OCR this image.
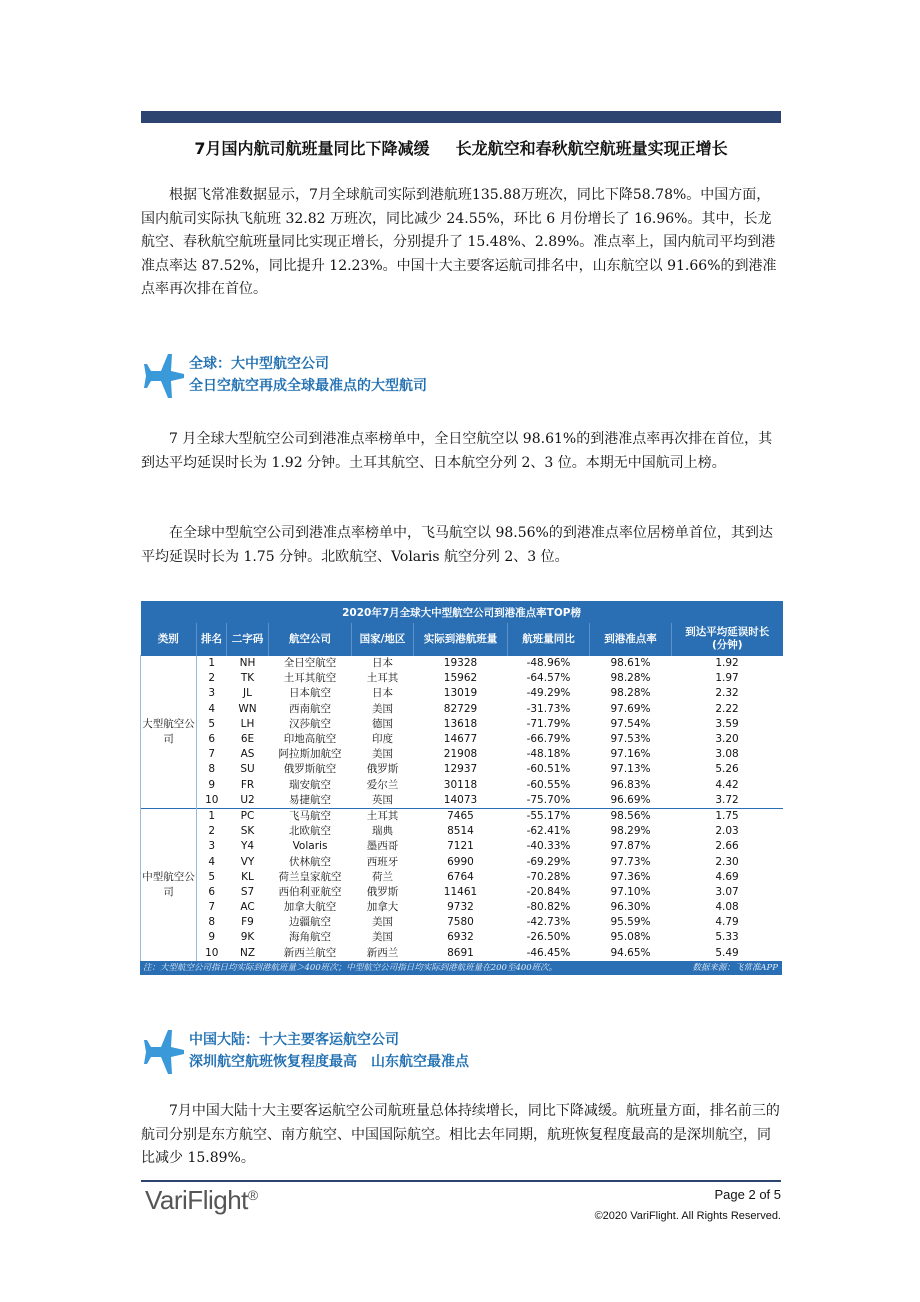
7月国内航司航班量同比下降减缓 长龙航空和春秋航空航班量实现正增长

根据飞常准数据显示，7月全球航司实际到港航班135.88万班次，同比下降58.78%。中国方面，国内航司实际执飞航班 32.82 万班次，同比减少 24.55%，环比 6 月份增长了 16.96%。其中，长龙航空、春秋航空航班量同比实现正增长，分别提升了 15.48%、2.89%。准点率上，国内航司平均到港准点率达 87.52%，同比提升 12.23%。中国十大主要客运航司排名中，山东航空以 91.66%的到港准点率再次排在首位。

全球：大中型航空公司
全日空航空再成全球最准点的大型航司

7 月全球大型航空公司到港准点率榜单中，全日空航空以 98.61%的到港准点率再次排在首位，其到达平均延误时长为 1.92 分钟。土耳其航空、日本航空分列 2、3 位。本期无中国航司上榜。

在全球中型航空公司到港准点率榜单中，飞马航空以 98.56%的到港准点率位居榜单首位，其到达平均延误时长为 1.75 分钟。北欧航空、Volaris 航空分列 2、3 位。

2020年7月全球大中型航空公司到港准点率TOP榜								
类别	排名	二字码	航空公司	国家/地区	实际到港航班量	航班量同比	到港准点率	到达平均延误时长
(分钟)

大型航空公司	1	NH	全日空航空	日本	19328	-48.96%	98.61%	1.92
	2	TK	土耳其航空	土耳其	15962	-64.57%	98.28%	1.97
	3	JL	日本航空	日本	13019	-49.29%	98.28%	2.32
	4	WN	西南航空	美国	82729	-31.73%	97.69%	2.22
	5	LH	汉莎航空	德国	13618	-71.79%	97.54%	3.59
	6	6E	印地高航空	印度	14677	-66.79%	97.53%	3.20
	7	AS	阿拉斯加航空	美国	21908	-48.18%	97.16%	3.08
	8	SU	俄罗斯航空	俄罗斯	12937	-60.51%	97.13%	5.26
	9	FR	瑞安航空	爱尔兰	30118	-60.55%	96.83%	4.42
	10	U2	易捷航空	英国	14073	-75.70%	96.69%	3.72
中型航空公司	1	PC	飞马航空	土耳其	7465	-55.17%	98.56%	1.75
	2	SK	北欧航空	瑞典	8514	-62.41%	98.29%	2.03
	3	Y4	Volaris	墨西哥	7121	-40.33%	97.87%	2.66
	4	VY	伏林航空	西班牙	6990	-69.29%	97.73%	2.30
	5	KL	荷兰皇家航空	荷兰	6764	-70.28%	97.36%	4.69
	6	S7	西伯利亚航空	俄罗斯	11461	-20.84%	97.10%	3.07
	7	AC	加拿大航空	加拿大	9732	-80.82%	96.30%	4.08
	8	F9	边疆航空	美国	7580	-42.73%	95.59%	4.79
	9	9K	海角航空	美国	6932	-26.50%	95.08%	5.33
	10	NZ	新西兰航空	新西兰	8691	-46.45%	94.65%	5.49
注：大型航空公司指日均实际到港航班量＞400班次；中型航空公司指日均实际到港航班量在200至400班次。	数据来源：飞常准APP
中国大陆：十大主要客运航空公司
深圳航空航班恢复程度最高　山东航空最准点

7月中国大陆十大主要客运航空公司航班量总体持续增长，同比下降减缓。航班量方面，排名前三的航司分别是东方航空、南方航空、中国国际航空。相比去年同期，航班恢复程度最高的是深圳航空，同比减少 15.89%。

VariFlight®	Page 2 of 5
©2020 VariFlight. All Rights Reserved.
